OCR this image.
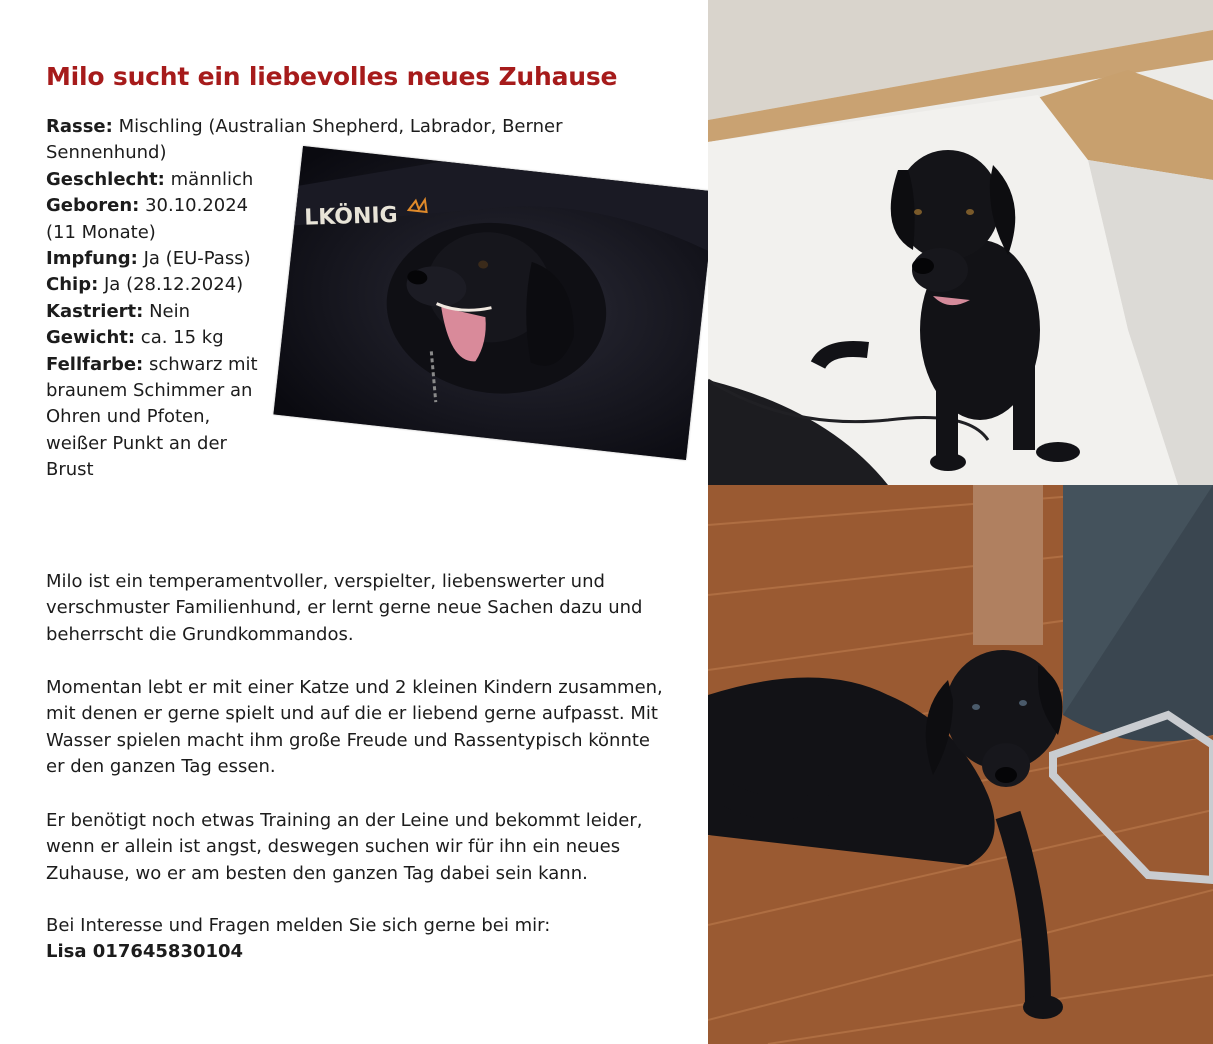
Milo sucht ein liebevolles neues Zuhause
Rasse: Mischling (Australian Shepherd, Labrador, Berner
Sennenhund)
Geschlecht: männlich
Geboren: 30.10.2024
(11 Monate)
Impfung: Ja (EU-Pass)
Chip: Ja (28.12.2024)
Kastriert: Nein
Gewicht: ca. 15 kg
Fellfarbe: schwarz mit
braunem Schimmer an
Ohren und Pfoten,
weißer Punkt an der
Brust
LKÖNIG

Milo ist ein temperamentvoller, verspielter, liebenswerter und verschmuster Familienhund, er lernt gerne neue Sachen dazu und beherrscht die Grundkommandos.

Momentan lebt er mit einer Katze und 2 kleinen Kindern zusammen, mit denen er gerne spielt und auf die er liebend gerne aufpasst. Mit Wasser spielen macht ihm große Freude und Rassentypisch könnte er den ganzen Tag essen.

Er benötigt noch etwas Training an der Leine und bekommt leider, wenn er allein ist angst, deswegen suchen wir für ihn ein neues Zuhause, wo er am besten den ganzen Tag dabei sein kann.

Bei Interesse und Fragen melden Sie sich gerne bei mir:
Lisa 017645830104
